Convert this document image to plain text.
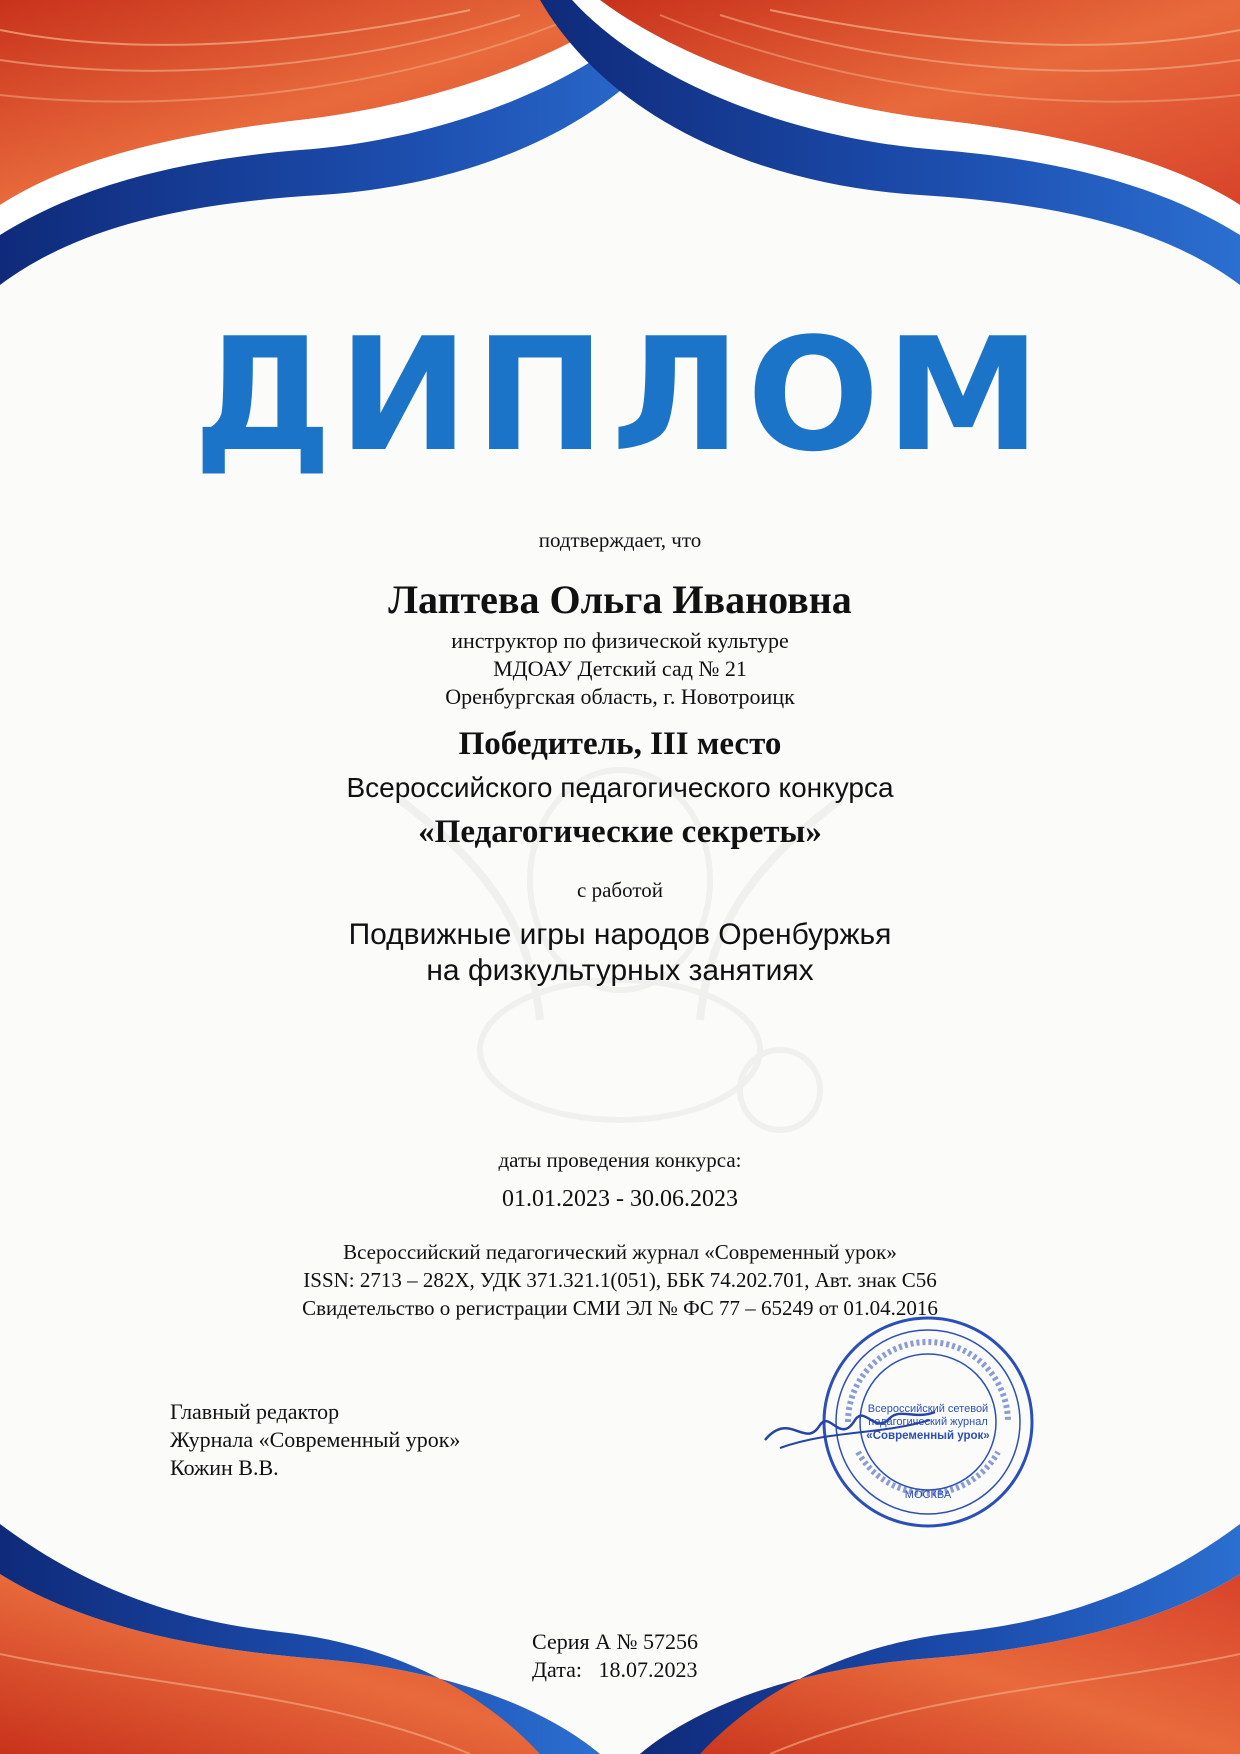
ДИПЛОМ
подтверждает, что
Лаптева Ольга Ивановна
инструктор по физической культуре
МДОАУ Детский сад № 21
Оренбургская область, г. Новотроицк
Победитель, III место
Всероссийского педагогического конкурса
«Педагогические секреты»
с работой
Подвижные игры народов Оренбуржья
на физкультурных занятиях
даты проведения конкурса:
01.01.2023 - 30.06.2023
Всероссийский педагогический журнал «Современный урок»
ISSN: 2713 – 282X, УДК 371.321.1(051), ББК 74.202.701, Авт. знак С56
Свидетельство о регистрации СМИ ЭЛ № ФС 77 – 65249 от 01.04.2016
Главный редактор
Журнала «Современный урок»
Кожин В.В.
Всероссийский сетевой
педагогический журнал
«Современный урок»
МОСКВА
Серия А № 57256
Дата:   18.07.2023
